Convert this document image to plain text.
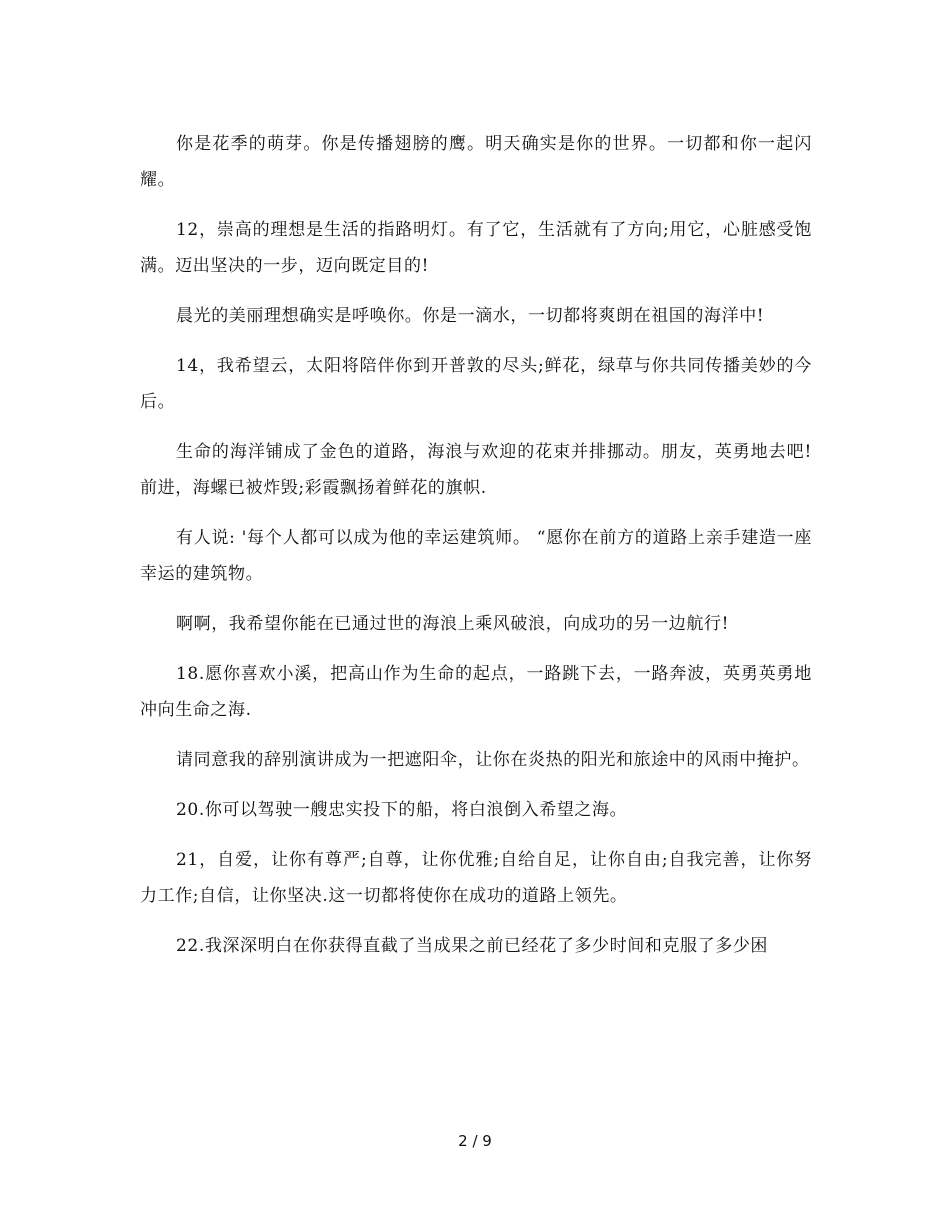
你是花季的萌芽。你是传播翅膀的鹰。明天确实是你的世界。一切都和你一起闪耀。

12，崇高的理想是生活的指路明灯。有了它，生活就有了方向;用它，心脏感受饱满。迈出坚决的一步，迈向既定目的!

晨光的美丽理想确实是呼唤你。你是一滴水，一切都将爽朗在祖国的海洋中!

14，我希望云，太阳将陪伴你到开普敦的尽头;鲜花，绿草与你共同传播美妙的今后。

生命的海洋铺成了金色的道路，海浪与欢迎的花束并排挪动。朋友，英勇地去吧! 前进，海螺已被炸毁;彩霞飘扬着鲜花的旗帜.

有人说: '每个人都可以成为他的幸运建筑师。 “愿你在前方的道路上亲手建造一座幸运的建筑物。

啊啊，我希望你能在已通过世的海浪上乘风破浪，向成功的另一边航行!

18.愿你喜欢小溪，把高山作为生命的起点，一路跳下去，一路奔波，英勇英勇地冲向生命之海.

请同意我的辞别演讲成为一把遮阳伞，让你在炎热的阳光和旅途中的风雨中掩护。

20.你可以驾驶一艘忠实投下的船，将白浪倒入希望之海。

21，自爱，让你有尊严;自尊，让你优雅;自给自足，让你自由;自我完善，让你努力工作;自信，让你坚决.这一切都将使你在成功的道路上领先。

22.我深深明白在你获得直截了当成果之前已经花了多少时间和克服了多少困

2 / 9
